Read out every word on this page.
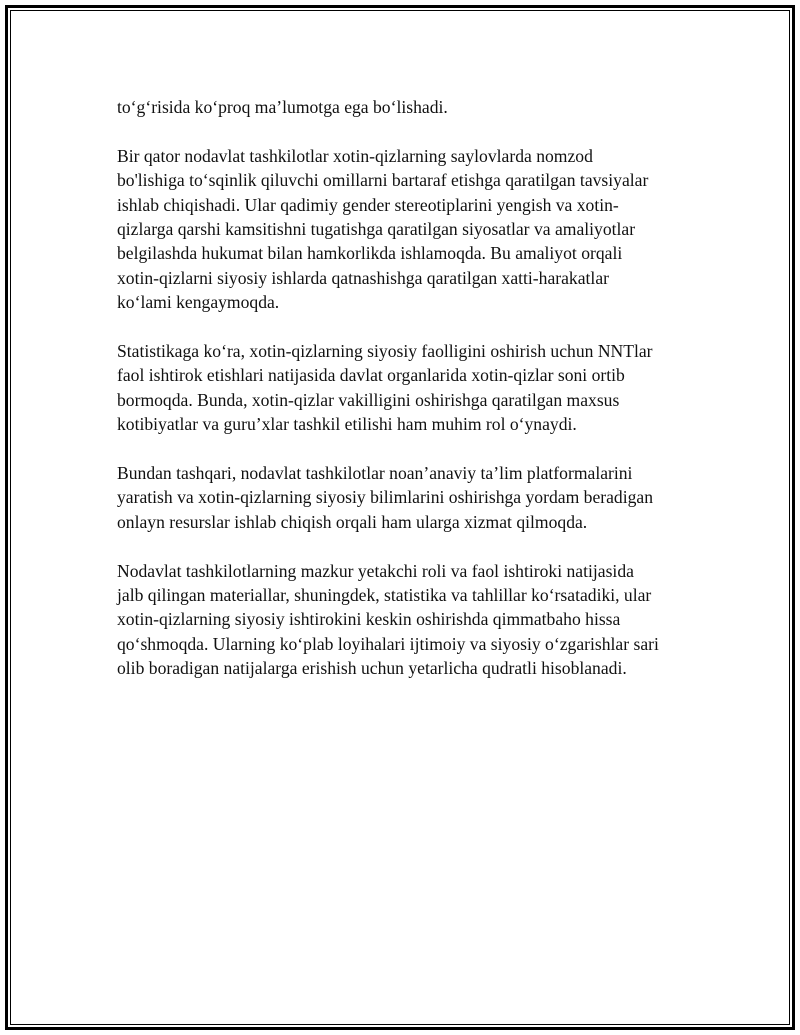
to‘g‘risida ko‘proq ma’lumotga ega bo‘lishadi.

Bir qator nodavlat tashkilotlar xotin-qizlarning saylovlarda nomzod
bo'lishiga to‘sqinlik qiluvchi omillarni bartaraf etishga qaratilgan tavsiyalar
ishlab chiqishadi. Ular qadimiy gender stereotiplarini yengish va xotin-
qizlarga qarshi kamsitishni tugatishga qaratilgan siyosatlar va amaliyotlar
belgilashda hukumat bilan hamkorlikda ishlamoqda. Bu amaliyot orqali
xotin-qizlarni siyosiy ishlarda qatnashishga qaratilgan xatti-harakatlar
ko‘lami kengaymoqda.

Statistikaga ko‘ra, xotin-qizlarning siyosiy faolligini oshirish uchun NNTlar
faol ishtirok etishlari natijasida davlat organlarida xotin-qizlar soni ortib
bormoqda. Bunda, xotin-qizlar vakilligini oshirishga qaratilgan maxsus
kotibiyatlar va guru’xlar tashkil etilishi ham muhim rol o‘ynaydi.

Bundan tashqari, nodavlat tashkilotlar noan’anaviy ta’lim platformalarini
yaratish va xotin-qizlarning siyosiy bilimlarini oshirishga yordam beradigan
onlayn resurslar ishlab chiqish orqali ham ularga xizmat qilmoqda.

Nodavlat tashkilotlarning mazkur yetakchi roli va faol ishtiroki natijasida
jalb qilingan materiallar, shuningdek, statistika va tahlillar ko‘rsatadiki, ular
xotin-qizlarning siyosiy ishtirokini keskin oshirishda qimmatbaho hissa
qo‘shmoqda. Ularning ko‘plab loyihalari ijtimoiy va siyosiy o‘zgarishlar sari
olib boradigan natijalarga erishish uchun yetarlicha qudratli hisoblanadi.
